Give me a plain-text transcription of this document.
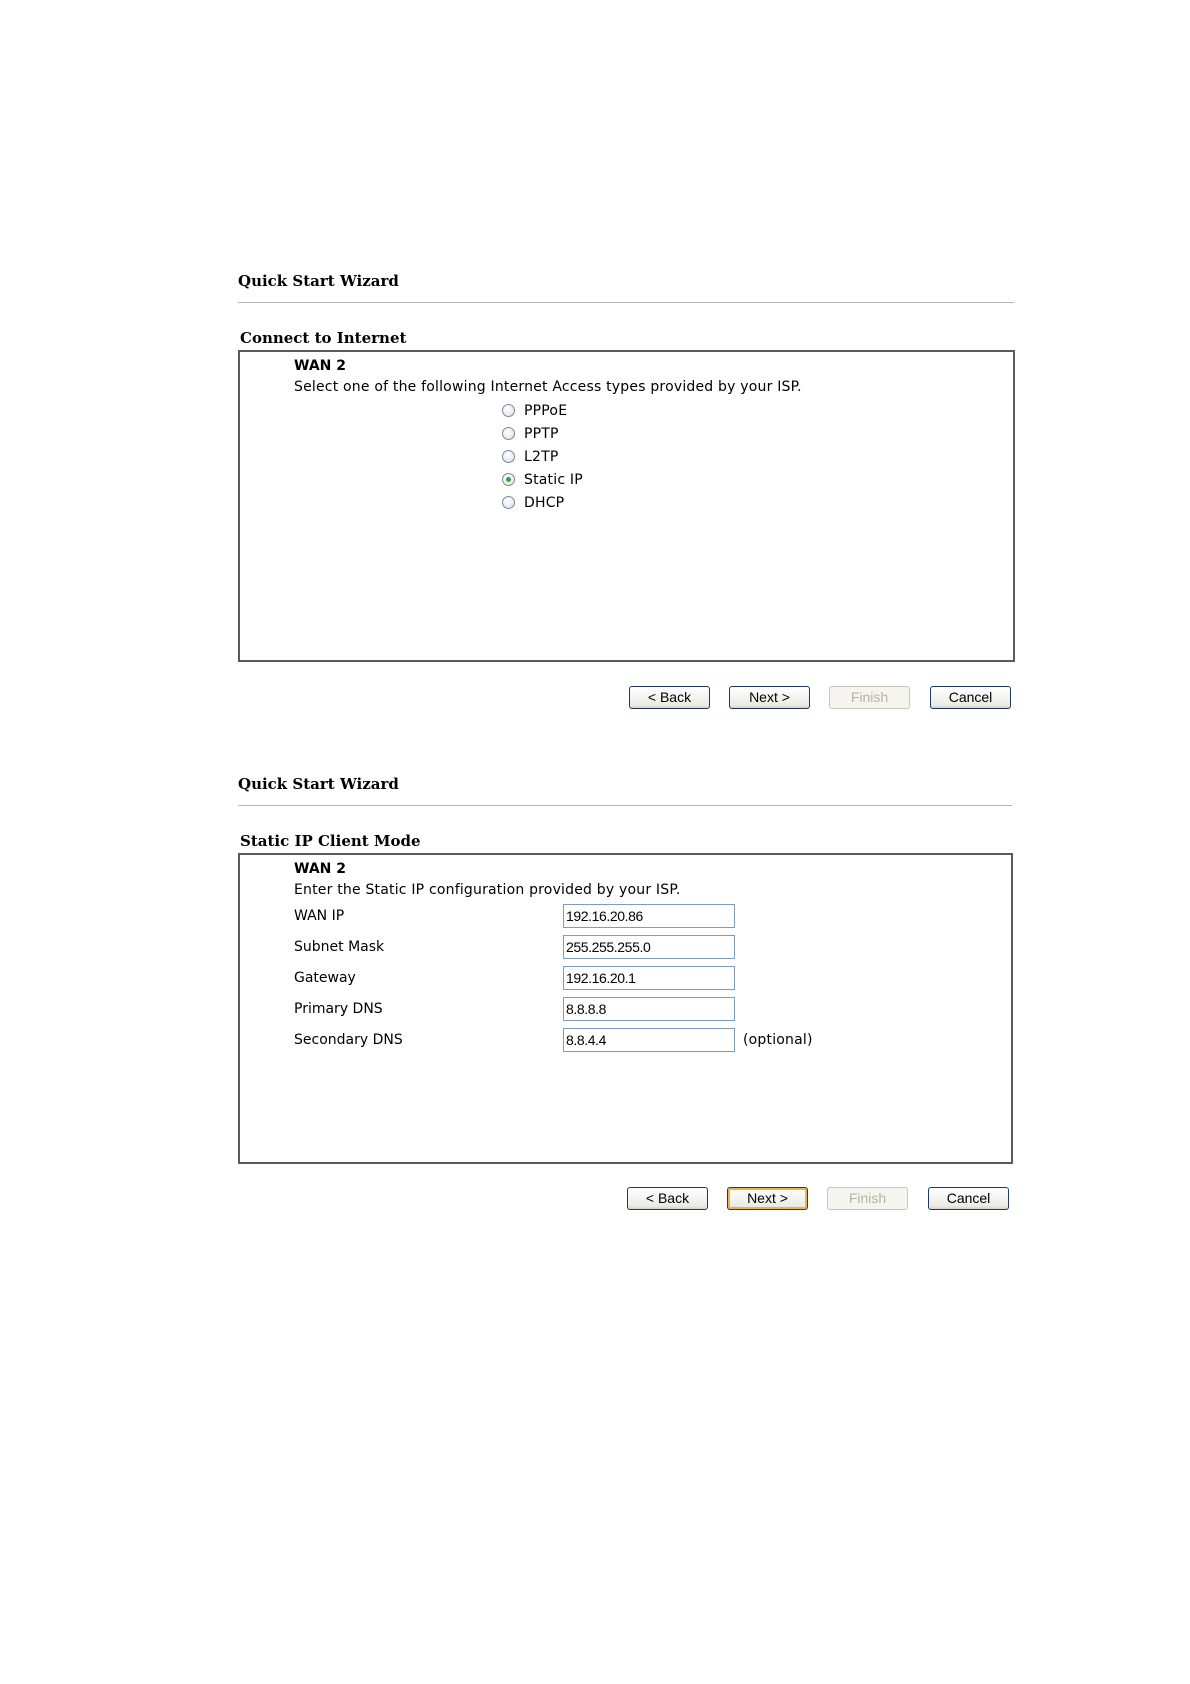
Quick Start Wizard
Connect to Internet
WAN 2
Select one of the following Internet Access types provided by your ISP.
PPPoE
PPTP
L2TP
Static IP
DHCP
< Back	Next >	Finish	Cancel
Quick Start Wizard
Static IP Client Mode
WAN 2
Enter the Static IP configuration provided by your ISP.
WAN IP	192.16.20.86
Subnet Mask	255.255.255.0
Gateway	192.16.20.1
Primary DNS	8.8.8.8
Secondary DNS	8.8.4.4	(optional)
< Back	Next >	Finish	Cancel
